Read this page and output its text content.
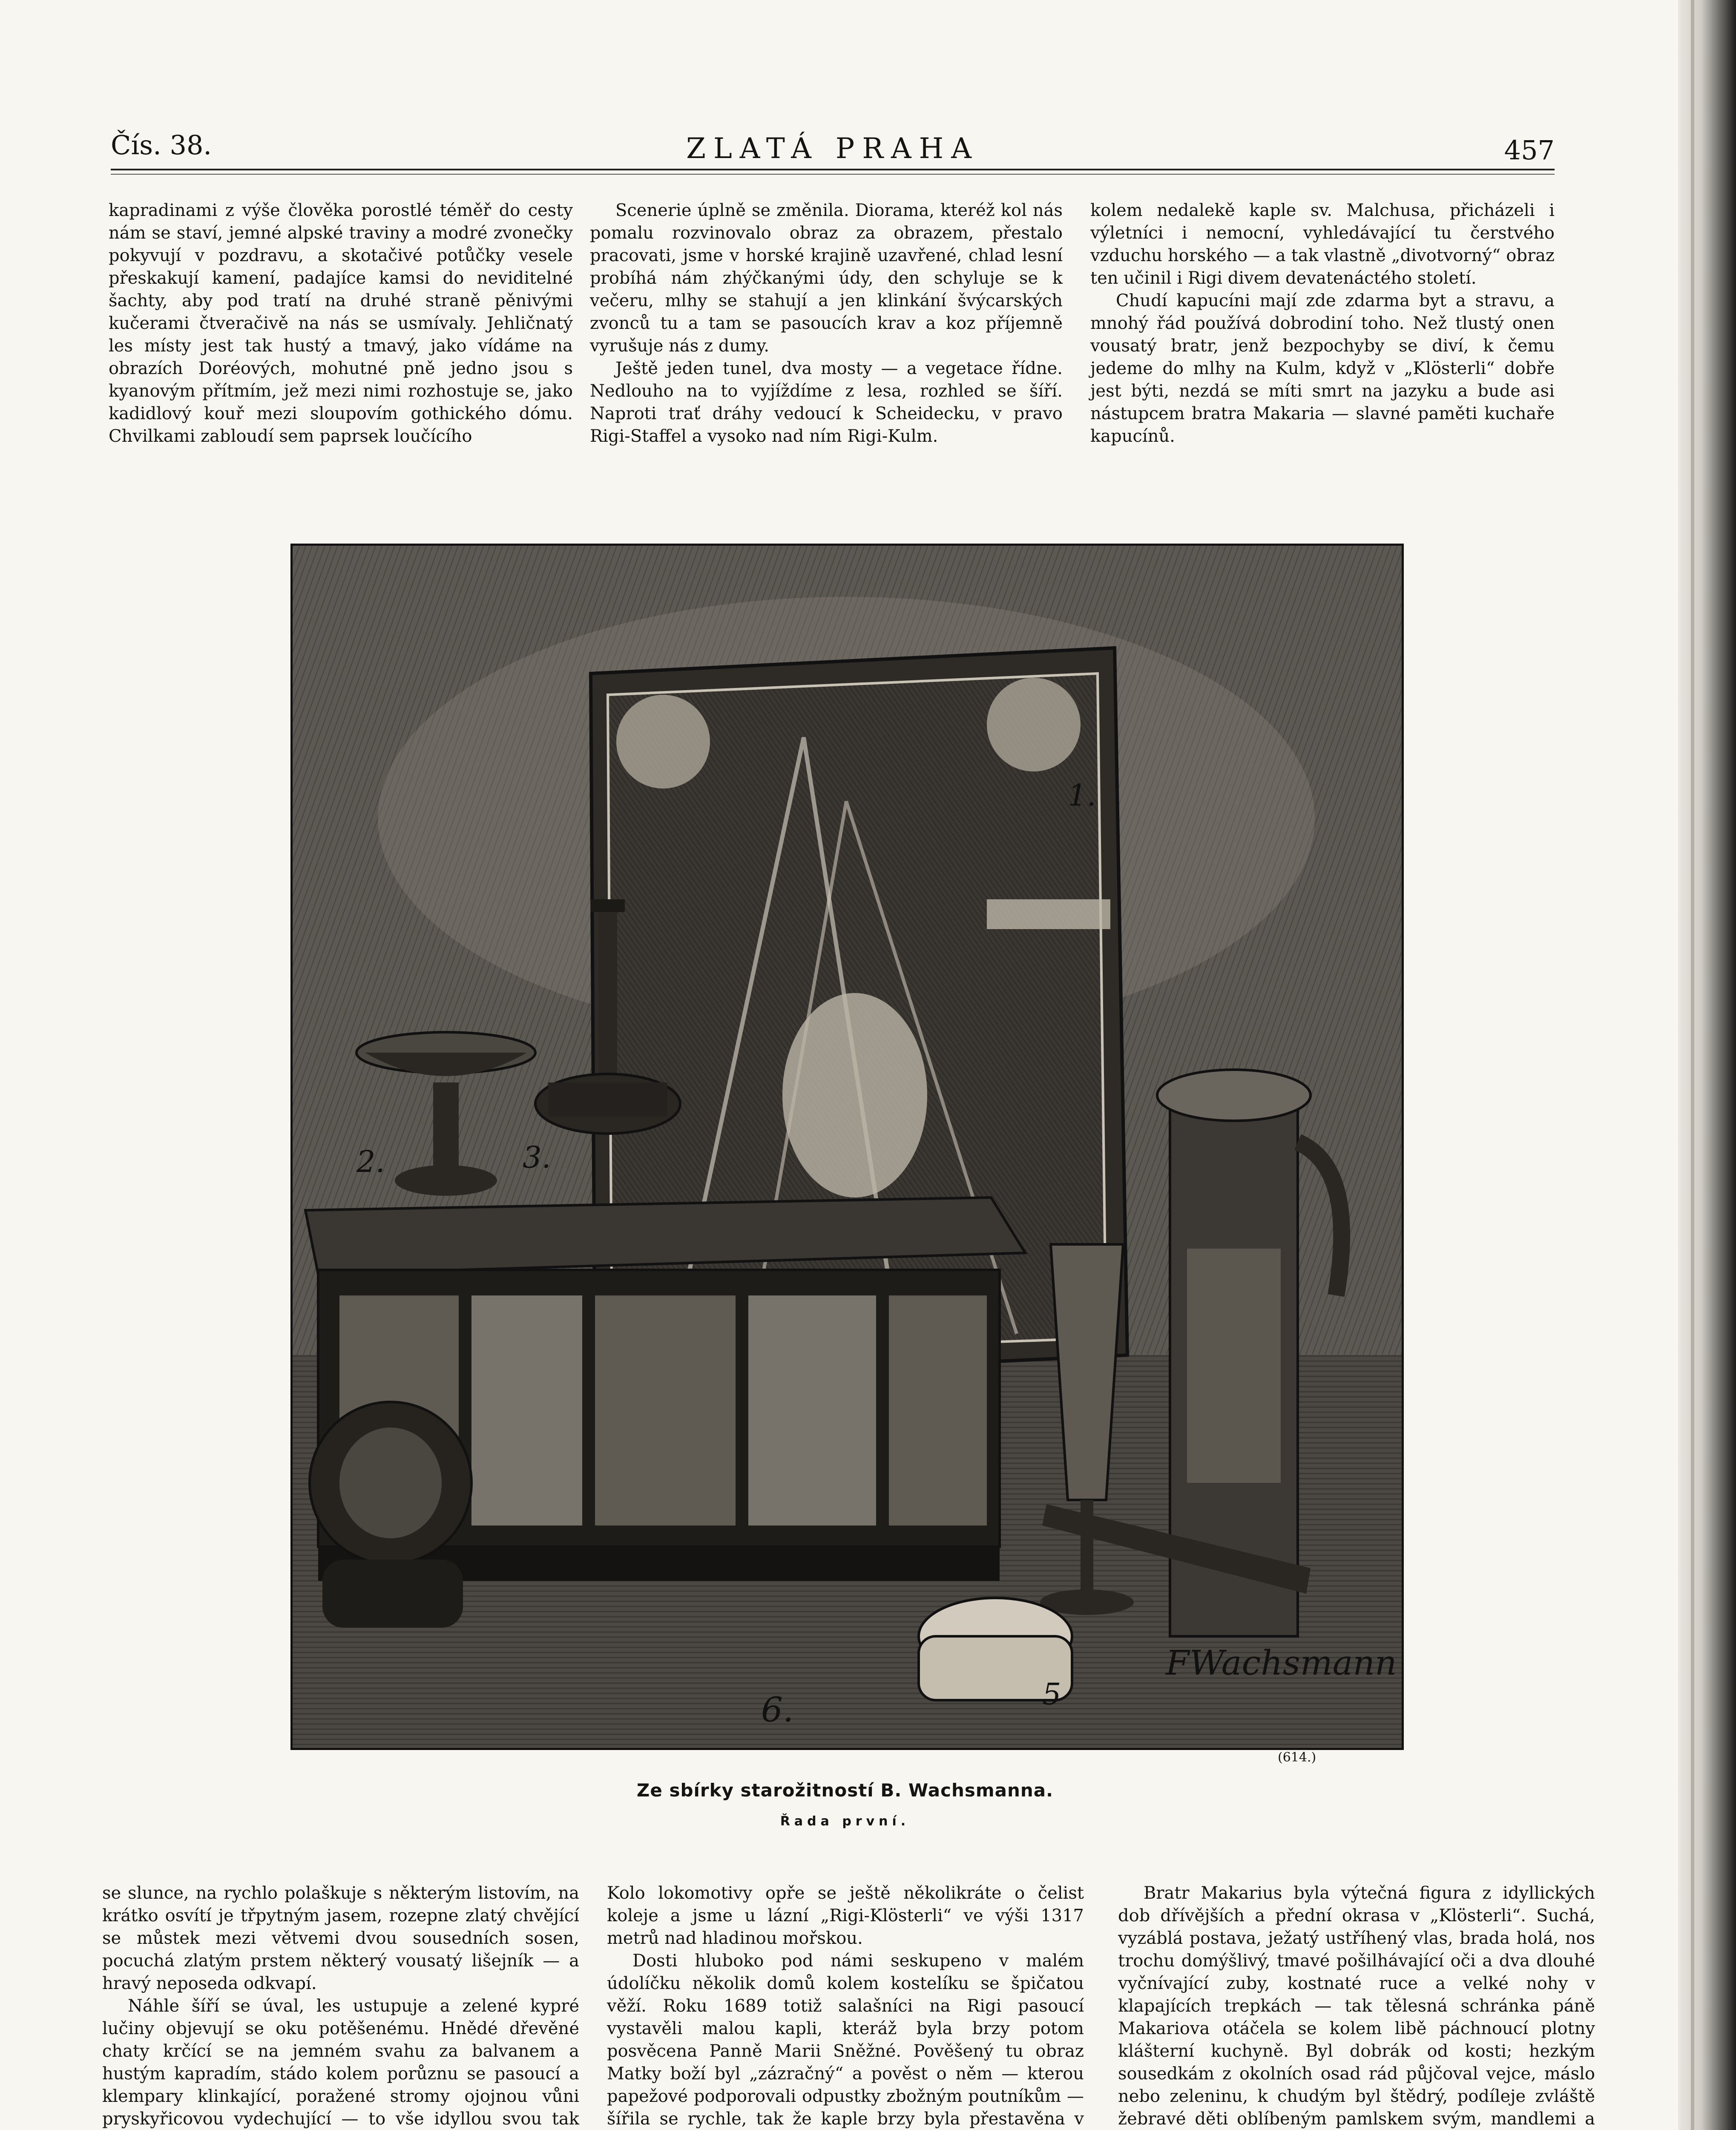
Čís. 38.	ZLATÁ PRAHA	457

kapradinami z výše člověka porostlé téměř do cesty nám se staví, jemné alpské traviny a modré zvonečky pokyvují v pozdravu, a skotačivé potůčky vesele přeskakují kamení, padajíce kamsi do neviditelné šachty, aby pod tratí na druhé straně pěnivými kučerami čtveračivě na nás se usmívaly. Jehličnatý les místy jest tak hustý a tmavý, jako vídáme na obrazích Doréových, mohutné pně jedno jsou s kyanovým přítmím, jež mezi nimi rozhostuje se, jako kadidlový kouř mezi sloupovím gothického dómu. Chvilkami zabloudí sem paprsek loučícího

Scenerie úplně se změnila. Diorama, kteréž kol nás pomalu rozvinovalo obraz za obrazem, přestalo pracovati, jsme v horské krajině uzavřené, chlad lesní probíhá nám zhýčkanými údy, den schyluje se k večeru, mlhy se stahují a jen klinkání švýcarských zvonců tu a tam se pasoucích krav a koz příjemně vyrušuje nás z dumy.

Ještě jeden tunel, dva mosty — a vegetace řídne. Nedlouho na to vyjíždíme z lesa, rozhled se šíří. Naproti trať dráhy vedoucí k Scheidecku, v pravo Rigi-Staffel a vysoko nad ním Rigi-Kulm.

kolem nedalekě kaple sv. Malchusa, přicházeli i výletníci i nemocní, vyhledávající tu čerstvého vzduchu horského — a tak vlastně „divotvorný“ obraz ten učinil i Rigi divem devatenáctého století.

Chudí kapucíni mají zde zdarma byt a stravu, a mnohý řád používá dobrodiní toho. Než tlustý onen vousatý bratr, jenž bezpochyby se diví, k čemu jedeme do mlhy na Kulm, když v „Klösterli“ dobře jest býti, nezdá se míti smrt na jazyku a bude asi nástupcem bratra Makaria — slavné paměti kuchaře kapucínů.

1.
2.	3.
5
6.
FWachsmann
(614.)
Ze sbírky starožitností B. Wachsmanna.
Řada první.

se slunce, na rychlo polaškuje s některým listovím, na krátko osvítí je třpytným jasem, rozepne zlatý chvějící se můstek mezi větvemi dvou sousedních sosen, pocuchá zlatým prstem některý vousatý lišejník — a hravý neposeda odkvapí.

Náhle šíří se úval, les ustupuje a zelené kypré lučiny objevují se oku potěšenému. Hnědé dřevěné chaty krčící se na jemném svahu za balvanem a hustým kapradím, stádo kolem porůznu se pasoucí a klempary klinkající, poražené stromy ojojnou vůni pryskyřicovou vydechující — to vše idyllou svou tak

Kolo lokomotivy opře se ještě několikráte o čelist koleje a jsme u lázní „Rigi-Klösterli“ ve výši 1317 metrů nad hladinou mořskou.

Dosti hluboko pod námi seskupeno v malém údolíčku několik domů kolem kostelíku se špičatou věží. Roku 1689 totiž salašníci na Rigi pasoucí vystavěli malou kapli, kteráž byla brzy potom posvěcena Panně Marii Sněžné. Pověšený tu obraz Matky boží byl „zázračný“ a pověst o něm — kterou papežové podporovali odpustky zbožným poutníkům — šířila se rychle, tak že kaple brzy byla přestavěna v

Bratr Makarius byla výtečná figura z idyllických dob dřívějších a přední okrasa v „Klösterli“. Suchá, vyzáblá postava, ježatý ustříhený vlas, brada holá, nos trochu domýšlivý, tmavé pošilhávající oči a dva dlouhé vyčnívající zuby, kostnaté ruce a velké nohy v klapajících trepkách — tak tělesná schránka páně Makariova otáčela se kolem libě páchnoucí plotny klášterní kuchyně. Byl dobrák od kosti; hezkým sousedkám z okolních osad rád půjčoval vejce, máslo nebo zeleninu, k chudým byl štědrý, podíleje zvláště žebravé děti oblíbeným pamlskem svým, mandlemi a
